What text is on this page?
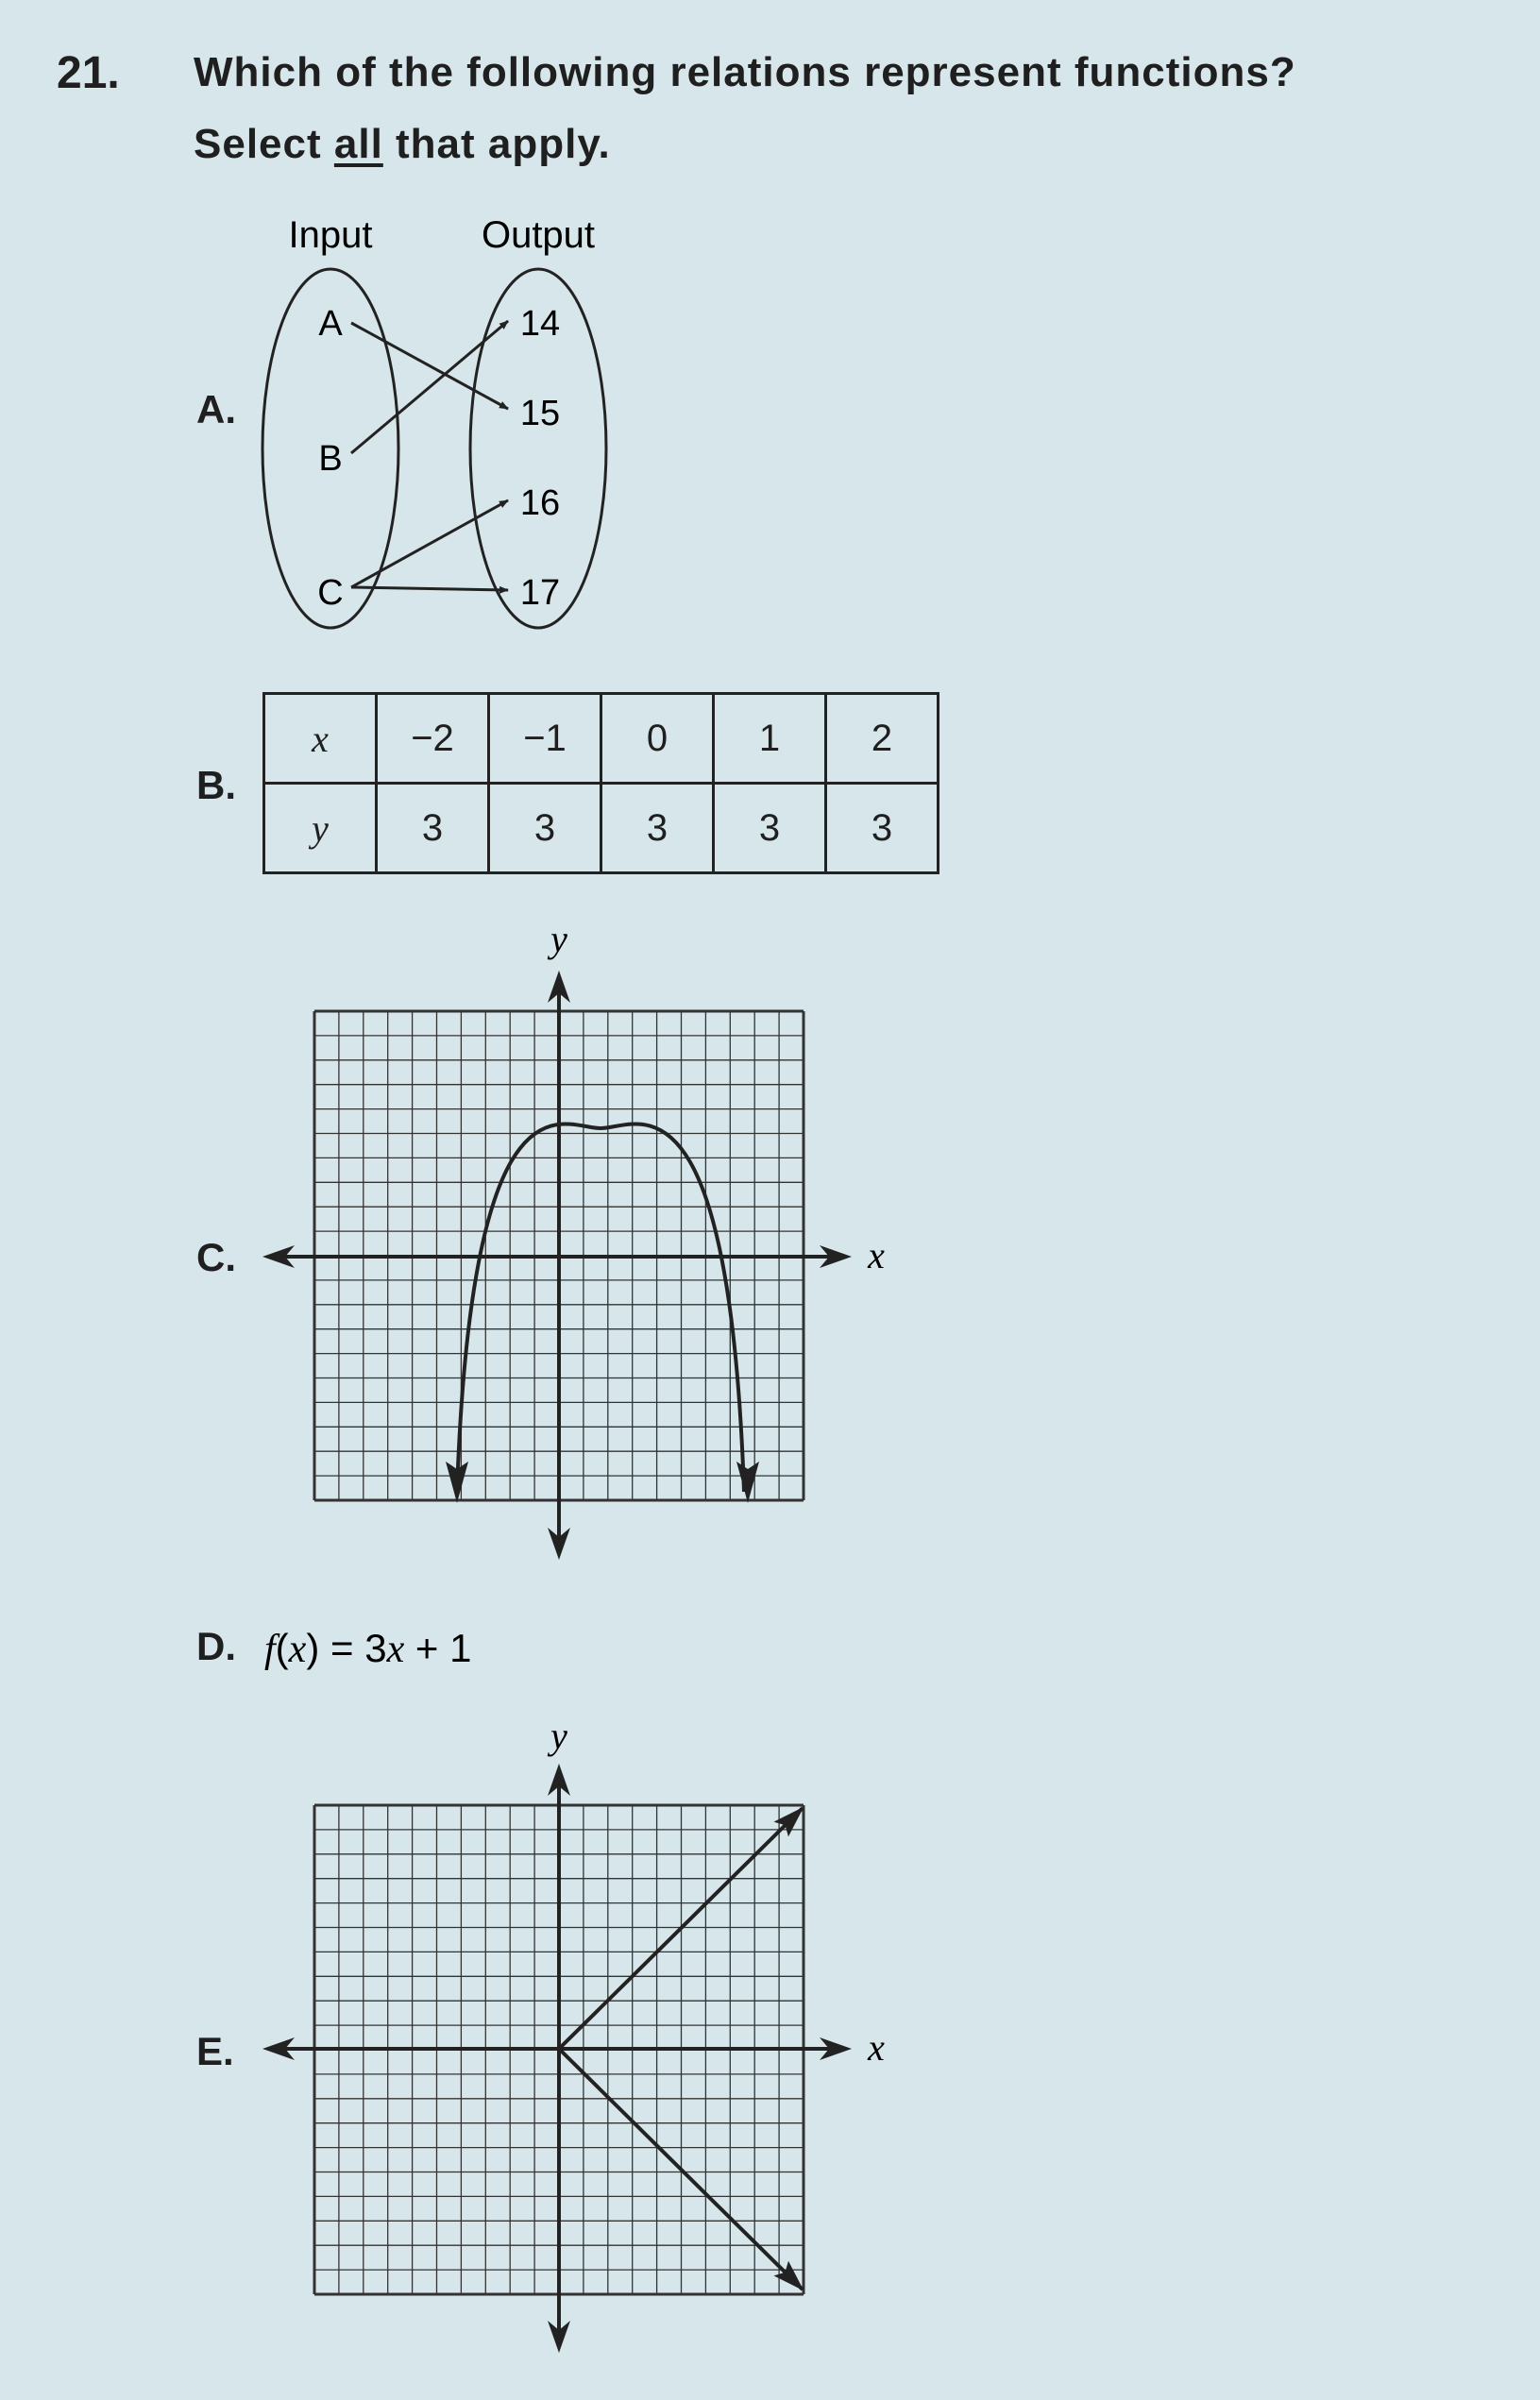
21. Which of the following relations represent functions?
Select all that apply.
A.
B.
C.
D.
E.
Input	Output
A
B
C
14
15
16
17
y
x
f(x) = 3x + 1
y
x
x	−2	−1	0	1	2
y	3	3	3	3	3
